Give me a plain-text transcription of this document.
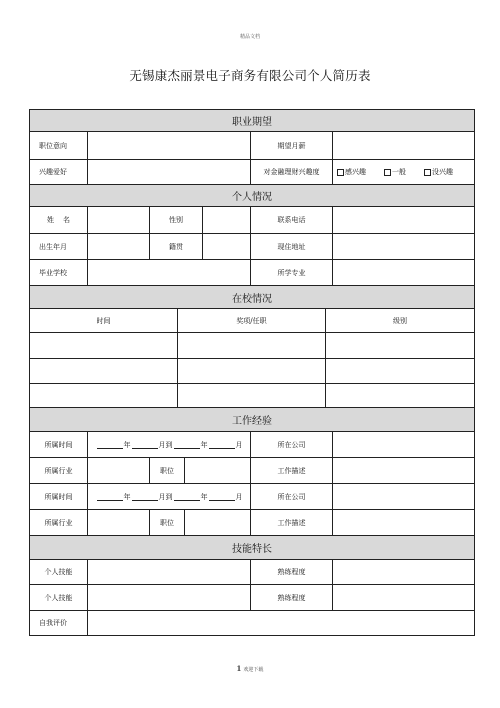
精品文档
无锡康杰丽景电子商务有限公司个人简历表
职业期望
职位意向	期望月薪
兴趣爱好	对金融理财兴趣度	感兴趣	一般	没兴趣
个人情况
姓    名	性别	联系电话
出生年月	籍贯	现住地址
毕业学校	所学专业
在校情况
时间	奖项/任职	级别
工作经验
所属时间	年	月 到	年	月	所在公司
所属行业	职位	工作描述
所属时间	年	月 到	年	月	所在公司
所属行业	职位	工作描述
技能特长
个人技能	熟练程度
个人技能	熟练程度
自我评价
1 欢迎下载
